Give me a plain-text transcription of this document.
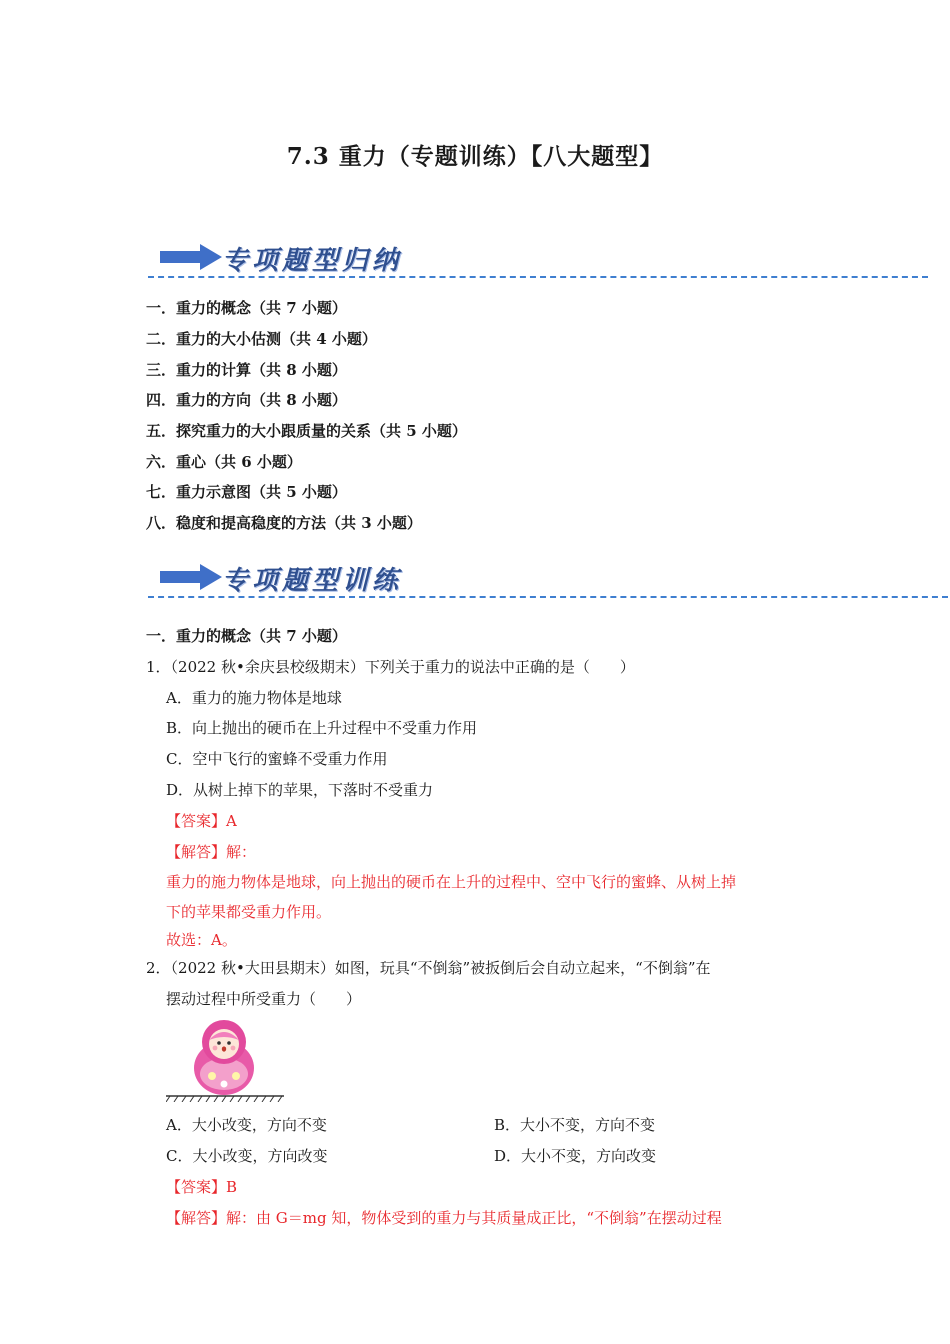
7.3 重力（专题训练）【八大题型】
专项题型归纳
一．重力的概念（共 7 小题）
二．重力的大小估测（共 4 小题）
三．重力的计算（共 8 小题）
四．重力的方向（共 8 小题）
五．探究重力的大小跟质量的关系（共 5 小题）
六．重心（共 6 小题）
七．重力示意图（共 5 小题）
八．稳度和提高稳度的方法（共 3 小题）
专项题型训练
一．重力的概念（共 7 小题）
1．（2022 秋•余庆县校级期末）下列关于重力的说法中正确的是（　　）
A．重力的施力物体是地球
B．向上抛出的硬币在上升过程中不受重力作用
C．空中飞行的蜜蜂不受重力作用
D．从树上掉下的苹果，下落时不受重力
【答案】A
【解答】解：
重力的施力物体是地球，向上抛出的硬币在上升的过程中、空中飞行的蜜蜂、从树上掉
下的苹果都受重力作用。
故选：A。
2．（2022 秋•大田县期末）如图，玩具“不倒翁”被扳倒后会自动立起来，“不倒翁”在
摆动过程中所受重力（　　）
A．大小改变，方向不变	B．大小不变，方向不变
C．大小改变，方向改变	D．大小不变，方向改变
【答案】B
【解答】解：由 G＝mg 知，物体受到的重力与其质量成正比，“不倒翁”在摆动过程
